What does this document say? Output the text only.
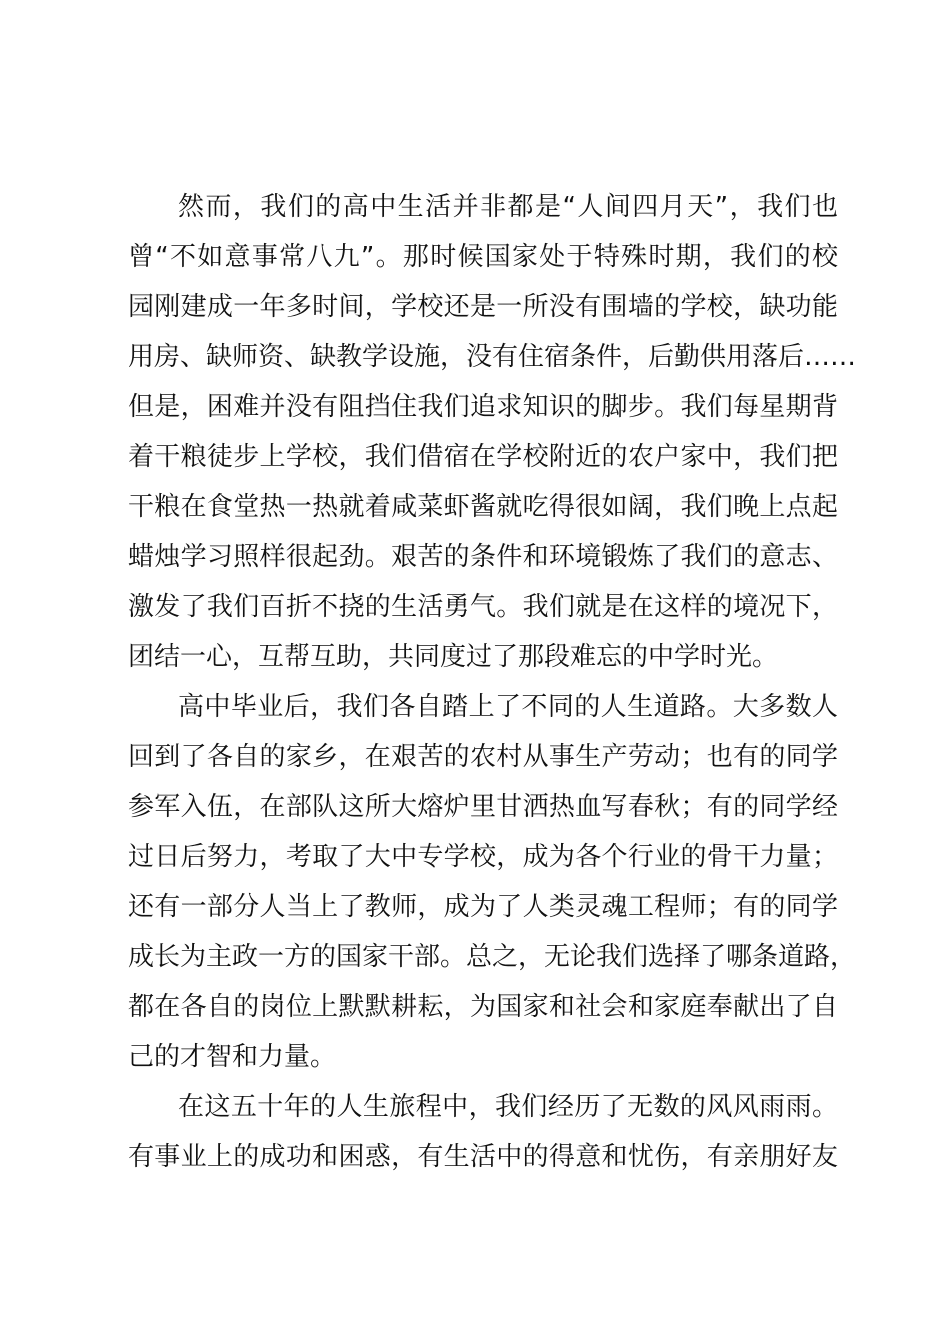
然而，我们的高中生活并非都是“人间四月天”，我们也
曾“不如意事常八九”。那时候国家处于特殊时期，我们的校
园刚建成一年多时间，学校还是一所没有围墙的学校，缺功能
用房、缺师资、缺教学设施，没有住宿条件，后勤供用落后……
但是，困难并没有阻挡住我们追求知识的脚步。我们每星期背
着干粮徒步上学校，我们借宿在学校附近的农户家中，我们把
干粮在食堂热一热就着咸菜虾酱就吃得很如阔，我们晚上点起
蜡烛学习照样很起劲。艰苦的条件和环境锻炼了我们的意志、
激发了我们百折不挠的生活勇气。我们就是在这样的境况下，
团结一心，互帮互助，共同度过了那段难忘的中学时光。
高中毕业后，我们各自踏上了不同的人生道路。大多数人
回到了各自的家乡，在艰苦的农村从事生产劳动；也有的同学
参军入伍，在部队这所大熔炉里甘洒热血写春秋；有的同学经
过日后努力，考取了大中专学校，成为各个行业的骨干力量；
还有一部分人当上了教师，成为了人类灵魂工程师；有的同学
成长为主政一方的国家干部。总之，无论我们选择了哪条道路，
都在各自的岗位上默默耕耘，为国家和社会和家庭奉献出了自
己的才智和力量。
在这五十年的人生旅程中，我们经历了无数的风风雨雨。
有事业上的成功和困惑，有生活中的得意和忧伤，有亲朋好友
